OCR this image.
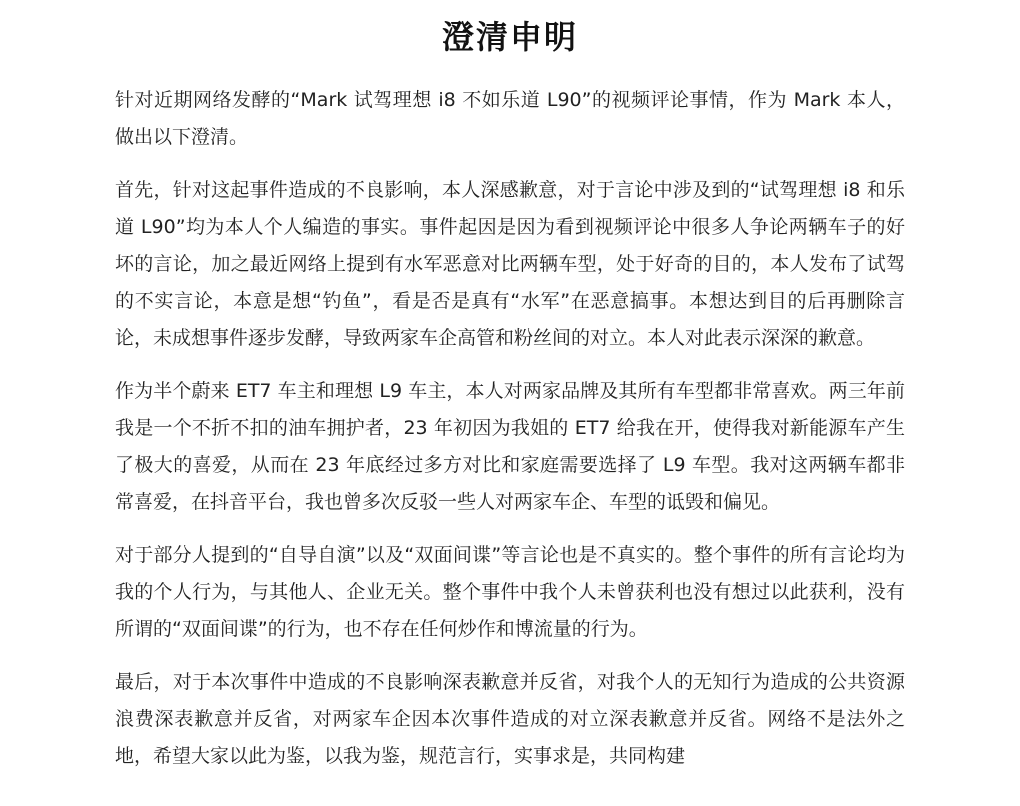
澄清申明

针对近期网络发酵的“Mark 试驾理想 i8 不如乐道 L90”的视频评论事情，作为 Mark 本人，做出以下澄清。

首先，针对这起事件造成的不良影响，本人深感歉意，对于言论中涉及到的“试驾理想 i8 和乐道 L90”均为本人个人编造的事实。事件起因是因为看到视频评论中很多人争论两辆车子的好坏的言论，加之最近网络上提到有水军恶意对比两辆车型，处于好奇的目的，本人发布了试驾的不实言论，本意是想“钓鱼”，看是否是真有“水军”在恶意搞事。本想达到目的后再删除言论，未成想事件逐步发酵，导致两家车企高管和粉丝间的对立。本人对此表示深深的歉意。

作为半个蔚来 ET7 车主和理想 L9 车主，本人对两家品牌及其所有车型都非常喜欢。两三年前我是一个不折不扣的油车拥护者，23 年初因为我姐的 ET7 给我在开，使得我对新能源车产生了极大的喜爱，从而在 23 年底经过多方对比和家庭需要选择了 L9 车型。我对这两辆车都非常喜爱，在抖音平台，我也曾多次反驳一些人对两家车企、车型的诋毁和偏见。

对于部分人提到的“自导自演”以及“双面间谍”等言论也是不真实的。整个事件的所有言论均为我的个人行为，与其他人、企业无关。整个事件中我个人未曾获利也没有想过以此获利，没有所谓的“双面间谍”的行为，也不存在任何炒作和博流量的行为。

最后，对于本次事件中造成的不良影响深表歉意并反省，对我个人的无知行为造成的公共资源浪费深表歉意并反省，对两家车企因本次事件造成的对立深表歉意并反省。网络不是法外之地，希望大家以此为鉴，以我为鉴，规范言行，实事求是，共同构建
